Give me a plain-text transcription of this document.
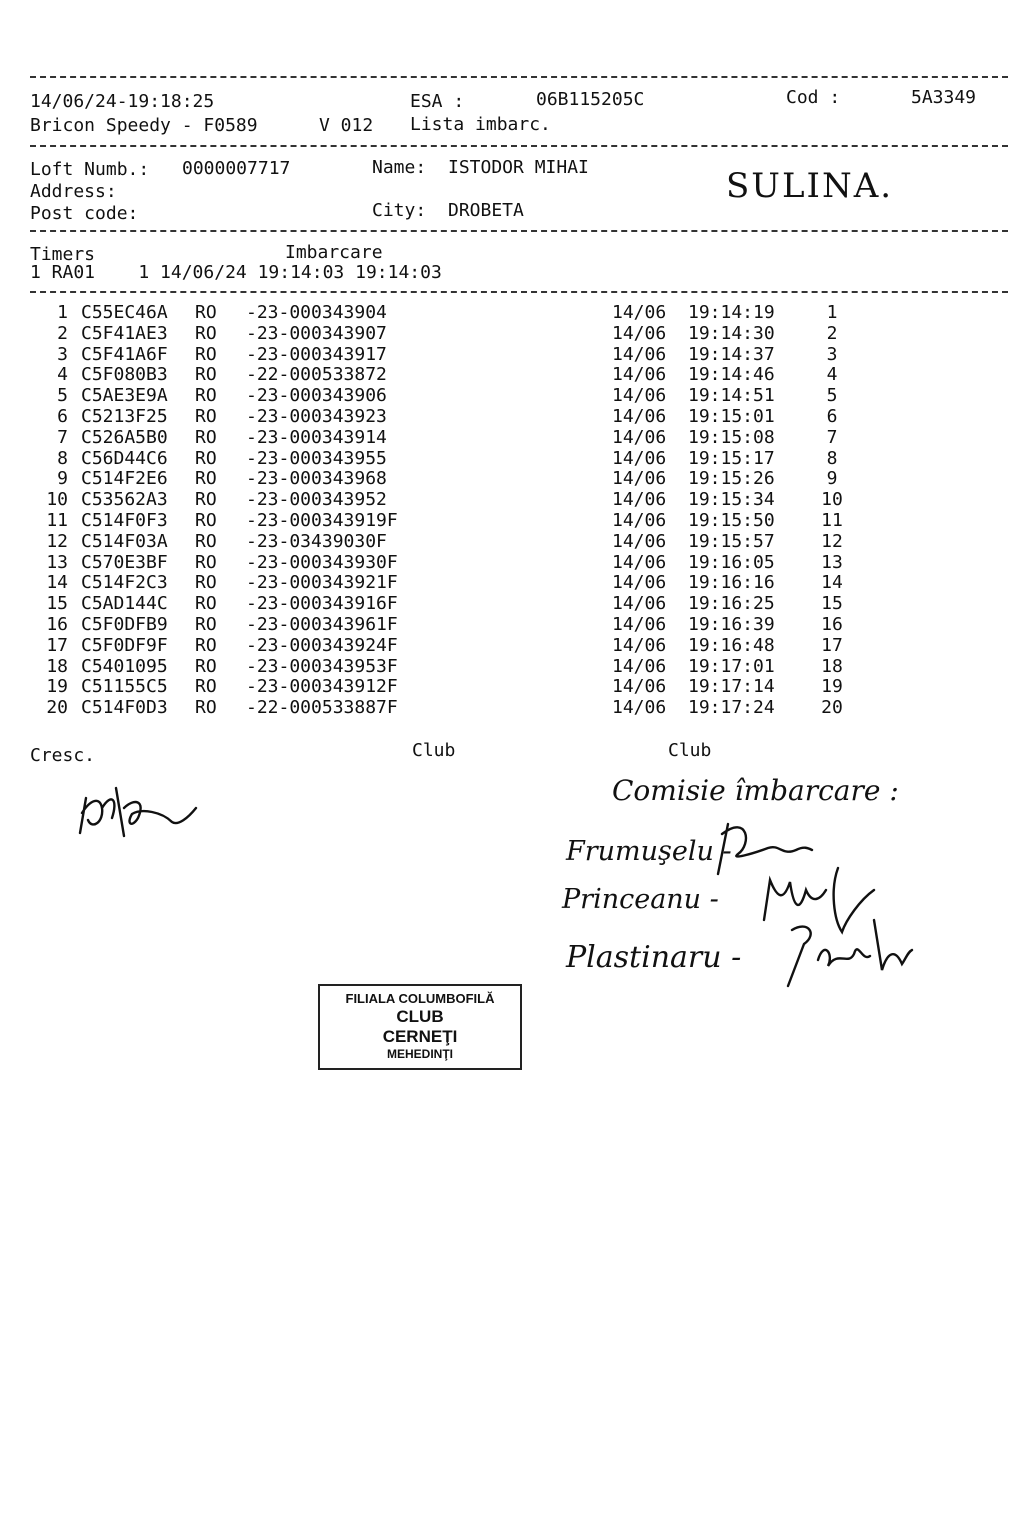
14/06/24-19:18:25	ESA :	06B115205C	Cod :	5A3349
Bricon Speedy - F0589	V 012 Lista imbarc.
Loft Numb.: 0000007717	Name: ISTODOR MIHAI
Address:
Post code:	City: DROBETA
SULINA.
Timers	Imbarcare
1 RA01    1 14/06/24 19:14:03 19:14:03
1 C55EC46A RO -23-000343904	14/06 19:14:19	1
2 C5F41AE3 RO -23-000343907	14/06 19:14:30	2
3 C5F41A6F RO -23-000343917	14/06 19:14:37	3
4 C5F080B3 RO -22-000533872	14/06 19:14:46	4
5 C5AE3E9A RO -23-000343906	14/06 19:14:51	5
6 C5213F25 RO -23-000343923	14/06 19:15:01	6
7 C526A5B0 RO -23-000343914	14/06 19:15:08	7
8 C56D44C6 RO -23-000343955	14/06 19:15:17	8
9 C514F2E6 RO -23-000343968	14/06 19:15:26	9
10 C53562A3 RO -23-000343952	14/06 19:15:34	10
11 C514F0F3 RO -23-000343919F	14/06 19:15:50	11
12 C514F03A RO -23-03439030F	14/06 19:15:57	12
13 C570E3BF RO -23-000343930F	14/06 19:16:05	13
14 C514F2C3 RO -23-000343921F	14/06 19:16:16	14
15 C5AD144C RO -23-000343916F	14/06 19:16:25	15
16 C5F0DFB9 RO -23-000343961F	14/06 19:16:39	16
17 C5F0DF9F RO -23-000343924F	14/06 19:16:48	17
18 C5401095 RO -23-000343953F	14/06 19:17:01	18
19 C51155C5 RO -23-000343912F	14/06 19:17:14	19
20 C514F0D3 RO -22-000533887F	14/06 19:17:24	20
Cresc.	Club	Club
Comisie îmbarcare :
Frumuşelu -
Princeanu -
Plastinaru -
FILIALA COLUMBOFILĂ
CLUB
CERNEŢI
MEHEDINŢI
